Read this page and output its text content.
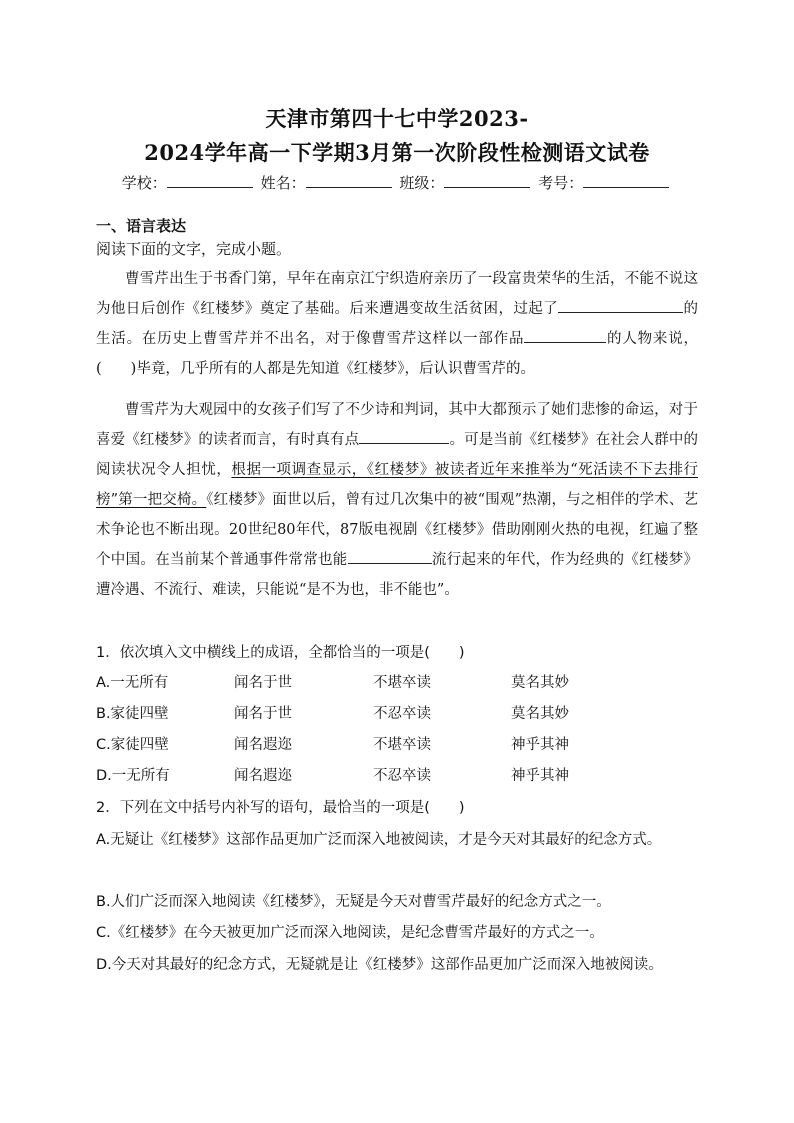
天津市第四十七中学2023-
2024学年高一下学期3月第一次阶段性检测语文试卷
学校：	姓名：	班级：	考号：
一、语言表达
阅读下面的文字，完成小题。
曹雪芹出生于书香门第，早年在南京江宁织造府亲历了一段富贵荣华的生活，不能不说这为他日后创作《红楼梦》奠定了基础。后来遭遇变故生活贫困，过起了	的生活。在历史上曹雪芹并不出名，对于像曹雪芹这样以一部作品	的人物来说，(　　)毕竟，几乎所有的人都是先知道《红楼梦》，后认识曹雪芹的。
曹雪芹为大观园中的女孩子们写了不少诗和判词，其中大都预示了她们悲惨的命运，对于喜爱《红楼梦》的读者而言，有时真有点	。可是当前《红楼梦》在社会人群中的阅读状况令人担忧，根据一项调查显示，《红楼梦》被读者近年来推举为“死活读不下去排行榜”第一把交椅。《红楼梦》面世以后，曾有过几次集中的被“围观”热潮，与之相伴的学术、艺术争论也不断出现。20世纪80年代，87版电视剧《红楼梦》借助刚刚火热的电视，红遍了整个中国。在当前某个普通事件常常也能	流行起来的年代，作为经典的《红楼梦》遭冷遇、不流行、难读，只能说“是不为也，非不能也”。
1．依次填入文中横线上的成语，全都恰当的一项是(　　)
A.一无所有	闻名于世	不堪卒读	莫名其妙
B.家徒四壁	闻名于世	不忍卒读	莫名其妙
C.家徒四壁	闻名遐迩	不堪卒读	神乎其神
D.一无所有	闻名遐迩	不忍卒读	神乎其神
2．下列在文中括号内补写的语句，最恰当的一项是(　　)
A.无疑让《红楼梦》这部作品更加广泛而深入地被阅读，才是今天对其最好的纪念方式。
B.人们广泛而深入地阅读《红楼梦》，无疑是今天对曹雪芹最好的纪念方式之一。
C.《红楼梦》在今天被更加广泛而深入地阅读，是纪念曹雪芹最好的方式之一。
D.今天对其最好的纪念方式，无疑就是让《红楼梦》这部作品更加广泛而深入地被阅读。
